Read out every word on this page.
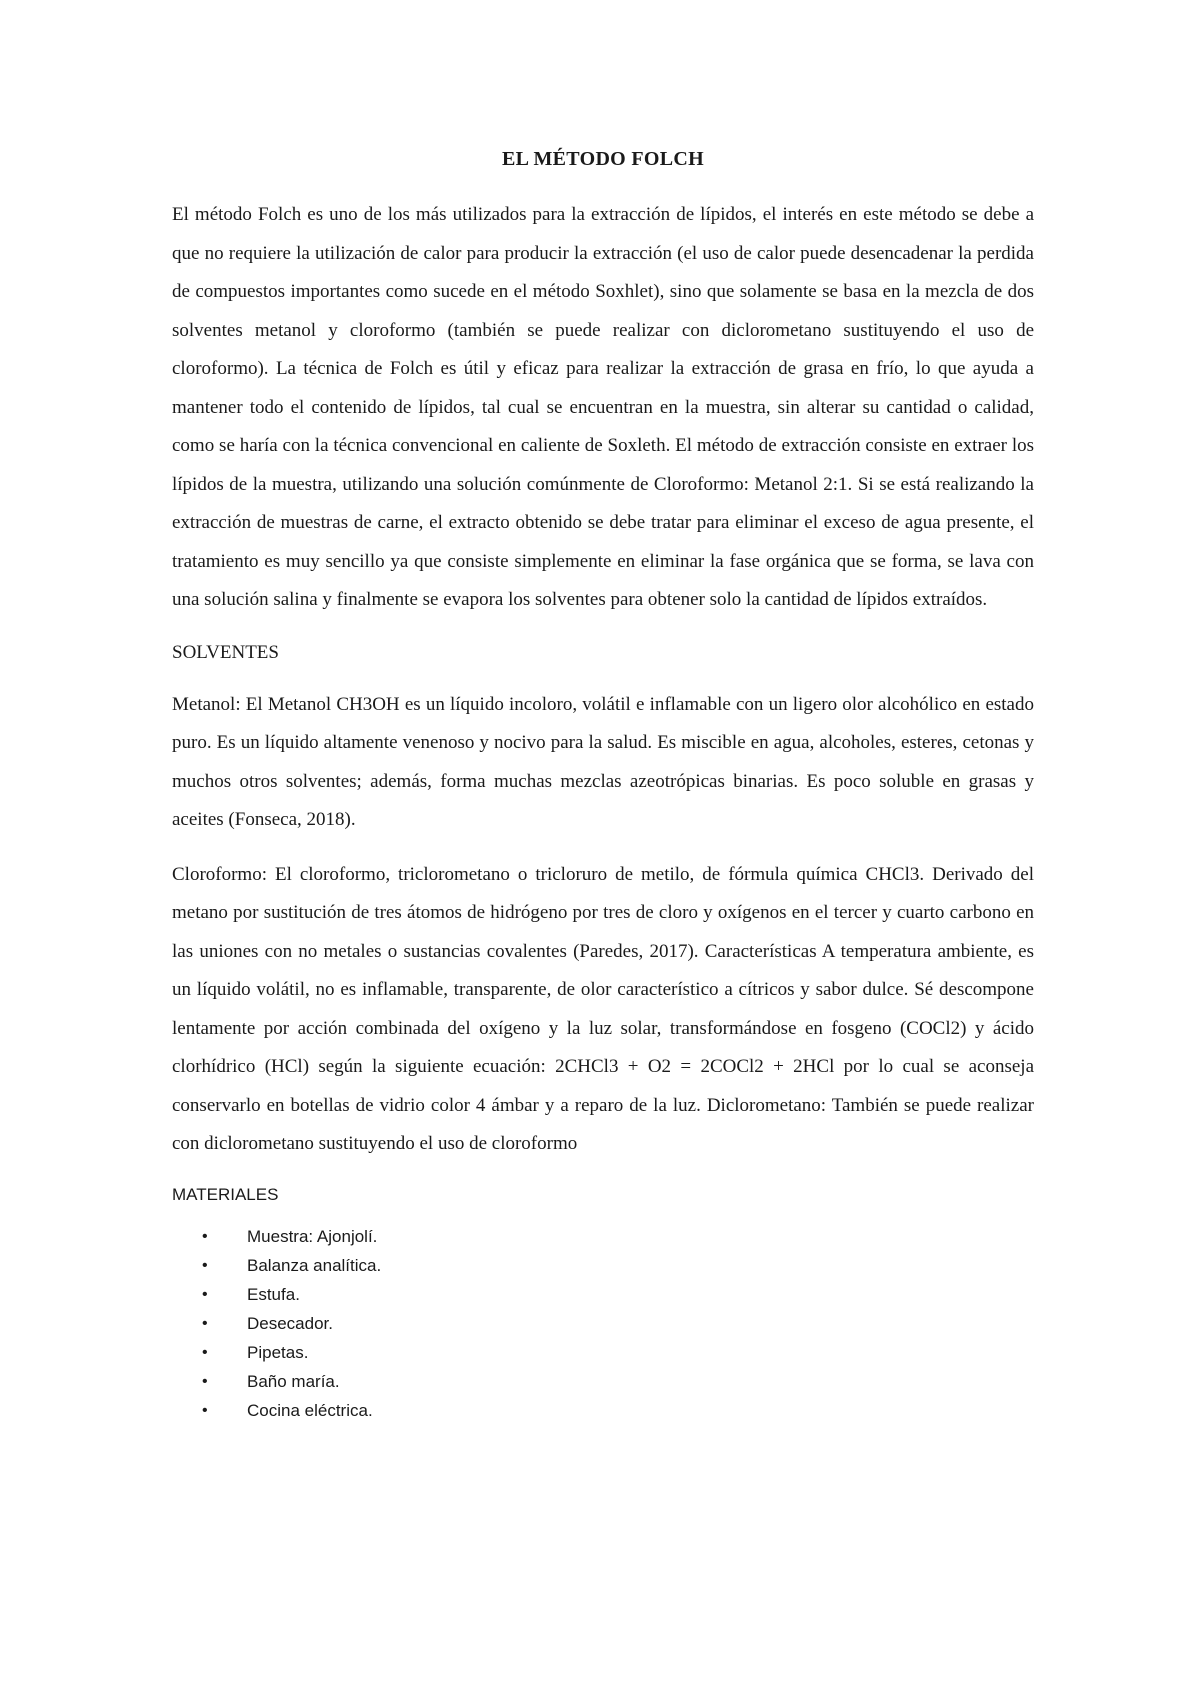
EL MÉTODO FOLCH

El método Folch es uno de los más utilizados para la extracción de lípidos, el interés en este método se debe a que no requiere la utilización de calor para producir la extracción (el uso de calor puede desencadenar la perdida de compuestos importantes como sucede en el método Soxhlet), sino que solamente se basa en la mezcla de dos solventes metanol y cloroformo (también se puede realizar con diclorometano sustituyendo el uso de cloroformo). La técnica de Folch es útil y eficaz para realizar la extracción de grasa en frío, lo que ayuda a mantener todo el contenido de lípidos, tal cual se encuentran en la muestra, sin alterar su cantidad o calidad, como se haría con la técnica convencional en caliente de Soxleth. El método de extracción consiste en extraer los lípidos de la muestra, utilizando una solución comúnmente de Cloroformo: Metanol 2:1. Si se está realizando la extracción de muestras de carne, el extracto obtenido se debe tratar para eliminar el exceso de agua presente, el tratamiento es muy sencillo ya que consiste simplemente en eliminar la fase orgánica que se forma, se lava con una solución salina y finalmente se evapora los solventes para obtener solo la cantidad de lípidos extraídos.

SOLVENTES

Metanol: El Metanol CH3OH es un líquido incoloro, volátil e inflamable con un ligero olor alcohólico en estado puro. Es un líquido altamente venenoso y nocivo para la salud. Es miscible en agua, alcoholes, esteres, cetonas y muchos otros solventes; además, forma muchas mezclas azeotrópicas binarias. Es poco soluble en grasas y aceites (Fonseca, 2018).

Cloroformo: El cloroformo, triclorometano o tricloruro de metilo, de fórmula química CHCl3. Derivado del metano por sustitución de tres átomos de hidrógeno por tres de cloro y oxígenos en el tercer y cuarto carbono en las uniones con no metales o sustancias covalentes (Paredes, 2017). Características A temperatura ambiente, es un líquido volátil, no es inflamable, transparente, de olor característico a cítricos y sabor dulce. Sé descompone lentamente por acción combinada del oxígeno y la luz solar, transformándose en fosgeno (COCl2) y ácido clorhídrico (HCl) según la siguiente ecuación: 2CHCl3 + O2 = 2COCl2 + 2HCl por lo cual se aconseja conservarlo en botellas de vidrio color 4 ámbar y a reparo de la luz. Diclorometano: También se puede realizar con diclorometano sustituyendo el uso de cloroformo

MATERIALES

• Muestra: Ajonjolí.
• Balanza analítica.
• Estufa.
• Desecador.
• Pipetas.
• Baño maría.
• Cocina eléctrica.
